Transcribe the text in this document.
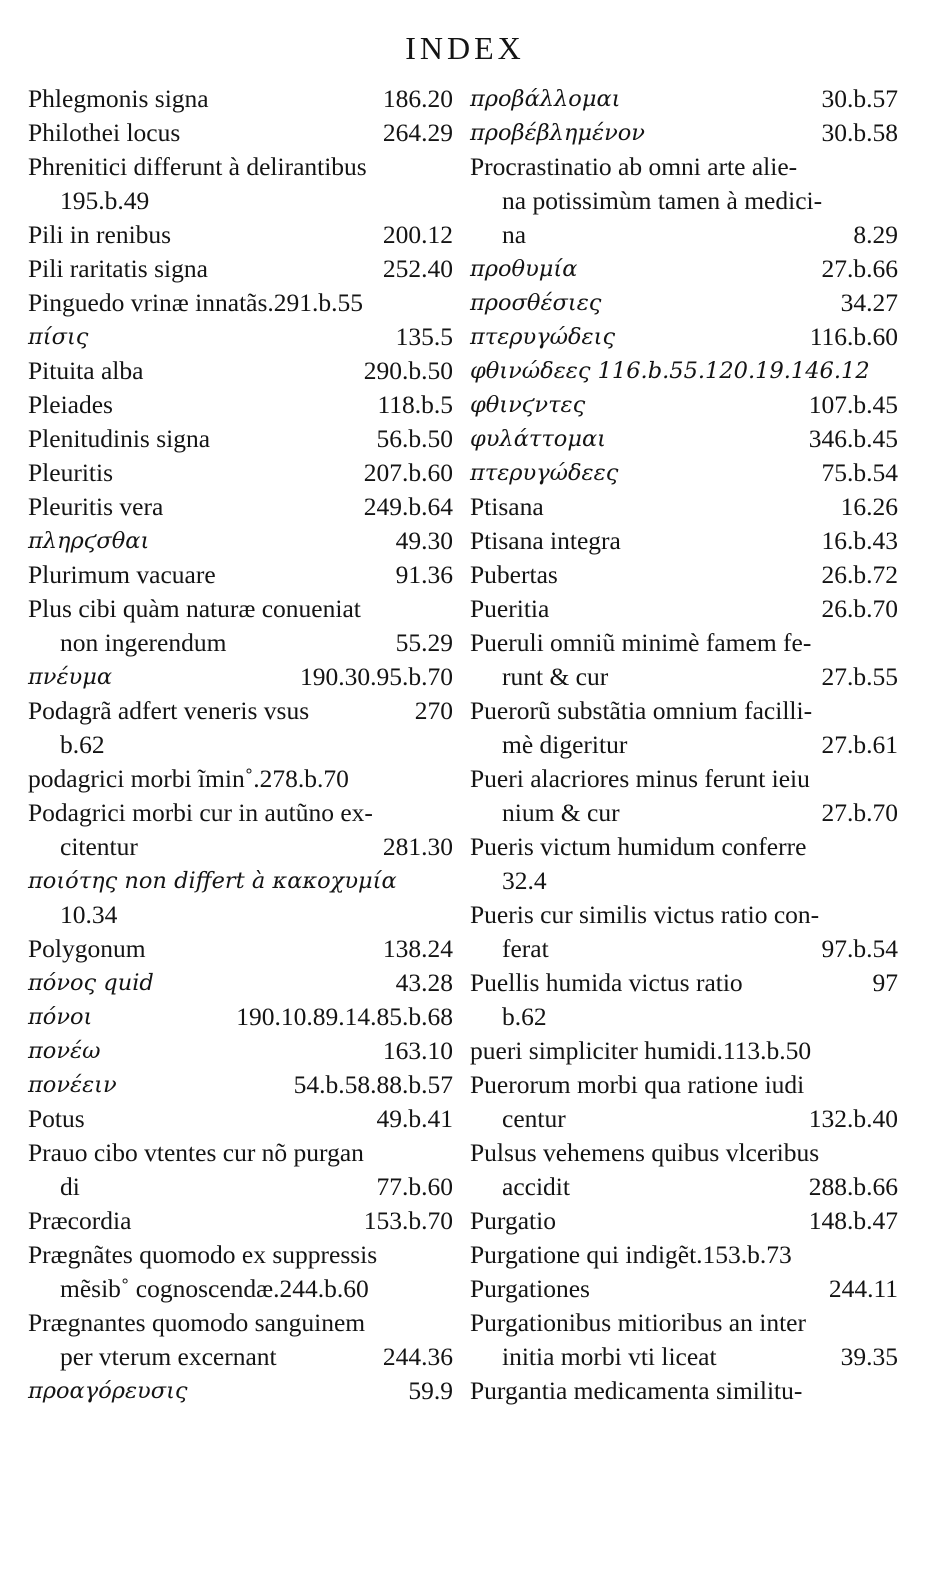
INDEX
Phlegmonis signa	186.20
Philothei locus	264.29
Phrenitici differunt à delirantibus
195.b.49
Pili in renibus	200.12
Pili raritatis signa	252.40
Pinguedo vrinæ innatãs.291.b.55
πίσις	135.5
Pituita alba	290.b.50
Pleiades	118.b.5
Plenitudinis signa	56.b.50
Pleuritis	207.b.60
Pleuritis vera	249.b.64
πληρϛσθαι	49.30
Plurimum vacuare	91.36
Plus cibi quàm naturæ conueniat
non ingerendum	55.29
πνέυμα	190.30.95.b.70
Podagrã adfert veneris vsus	270
b.62
podagrici morbi ĩmin˚.278.b.70
Podagrici morbi cur in autũno ex-
citentur	281.30
ποιότης non differt à κακοχυμία
10.34
Polygonum	138.24
πόνος quid	43.28
πόνοι	190.10.89.14.85.b.68
πονέω	163.10
πονέειν	54.b.58.88.b.57
Potus	49.b.41
Prauo cibo vtentes cur nõ purgan
di	77.b.60
Præcordia	153.b.70
Prægnãtes quomodo ex suppressis
mẽsib˚ cognoscendæ.244.b.60
Prægnantes quomodo sanguinem
per vterum excernant	244.36
προαγόρευσις	59.9
προβάλλομαι	30.b.57
προβέβλημένον	30.b.58
Procrastinatio ab omni arte alie-
na potissimùm tamen à medici-
na	8.29
προθυμία	27.b.66
προσθέσιες	34.27
πτερυγώδεις	116.b.60
φθινώδεες 116.b.55.120.19.146.12
φθινϛντες	107.b.45
φυλάττομαι	346.b.45
πτερυγώδεες	75.b.54
Ptisana	16.26
Ptisana integra	16.b.43
Pubertas	26.b.72
Pueritia	26.b.70
Pueruli omniũ minimè famem fe-
runt & cur	27.b.55
Puerorũ substãtia omnium facilli-
mè digeritur	27.b.61
Pueri alacriores minus ferunt ieiu
nium & cur	27.b.70
Pueris victum humidum conferre
32.4
Pueris cur similis victus ratio con-
ferat	97.b.54
Puellis humida victus ratio	97
b.62
pueri simpliciter humidi.113.b.50
Puerorum morbi qua ratione iudi
centur	132.b.40
Pulsus vehemens quibus vlceribus
accidit	288.b.66
Purgatio	148.b.47
Purgatione qui indigẽt.153.b.73
Purgationes	244.11
Purgationibus mitioribus an inter
initia morbi vti liceat	39.35
Purgantia medicamenta similitu-
